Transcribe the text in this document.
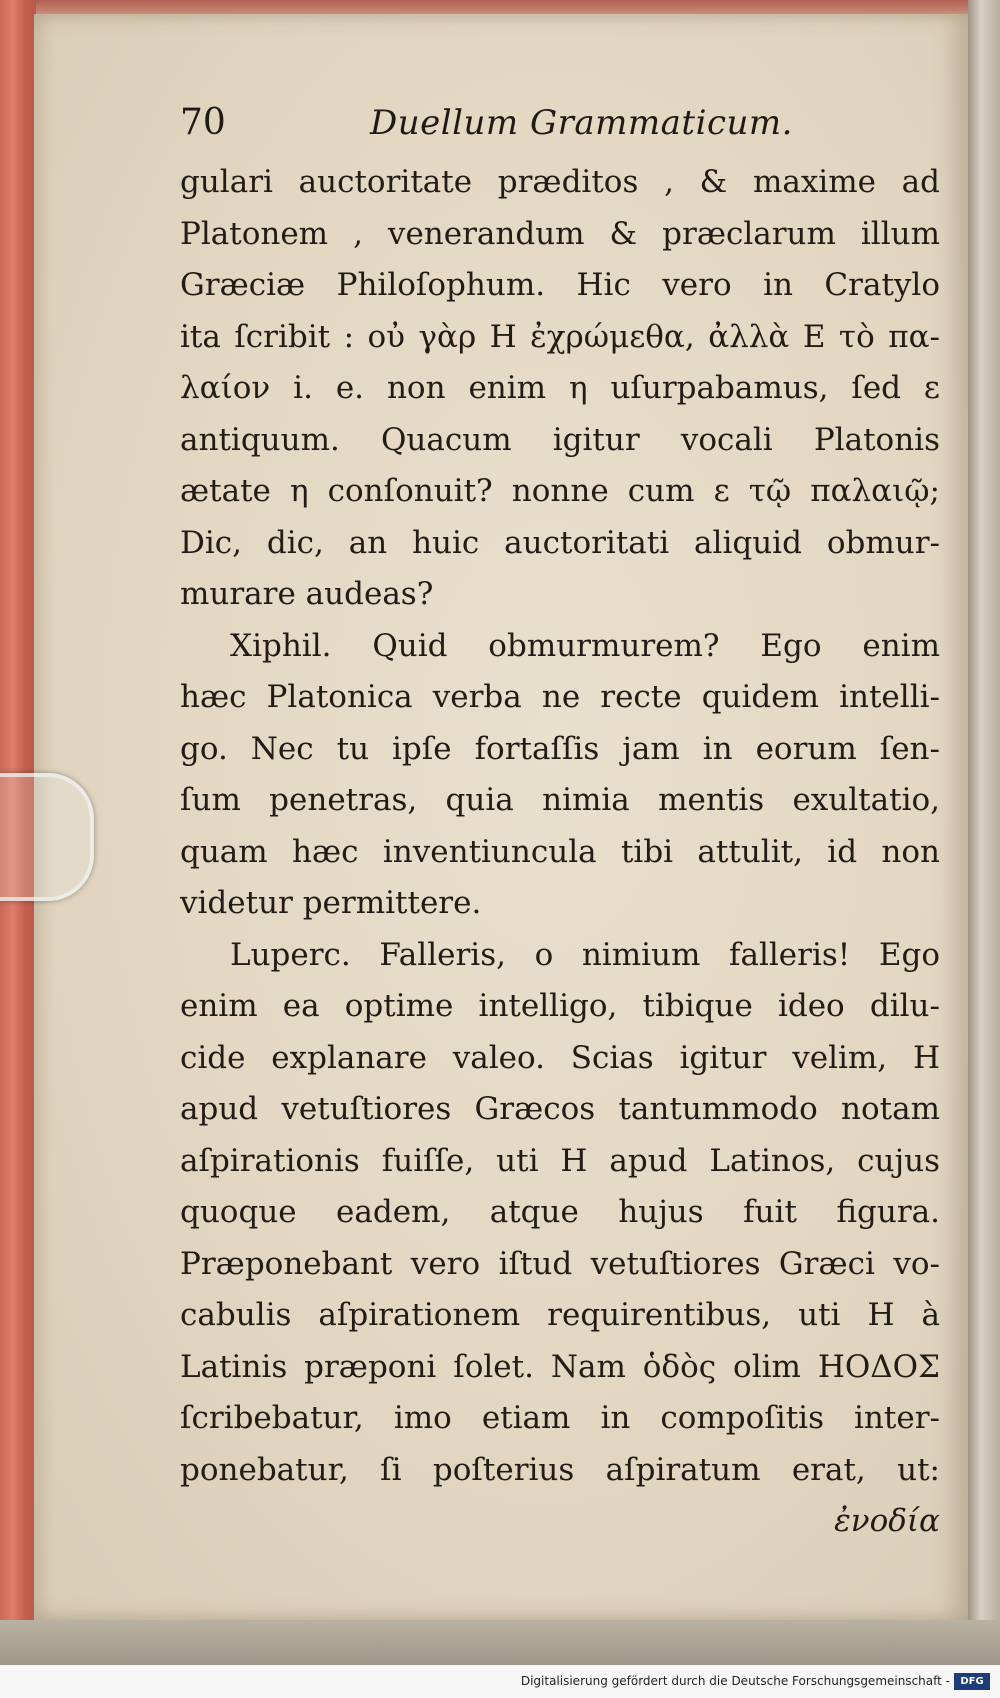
70	Duellum Grammaticum.
gulari auctoritate præditos , & maxime ad
Platonem , venerandum & præclarum illum
Græciæ Philoſophum. Hic vero in Cratylo
ita ſcribit : οὐ γὰρ Η ἐχρώμεθα, ἀλλὰ Ε τὸ πα-
λαίον i. e. non enim η uſurpabamus, ſed ε
antiquum. Quacum igitur vocali Platonis
ætate η conſonuit? nonne cum ε τῷ παλαιῷ;
Dic, dic, an huic auctoritati aliquid obmur-
murare audeas?
Xiphil. Quid obmurmurem? Ego enim
hæc Platonica verba ne recte quidem intelli-
go. Nec tu ipſe fortaſſis jam in eorum ſen-
ſum penetras, quia nimia mentis exultatio,
quam hæc inventiuncula tibi attulit, id non
videtur permittere.
Luperc. Falleris, o nimium falleris! Ego
enim ea optime intelligo, tibique ideo dilu-
cide explanare valeo. Scias igitur velim, Η
apud vetuſtiores Græcos tantummodo notam
aſpirationis fuiſſe, uti H apud Latinos, cujus
quoque eadem, atque hujus fuit figura.
Præponebant vero iſtud vetuſtiores Græci vo-
cabulis aſpirationem requirentibus, uti H à
Latinis præponi ſolet. Nam ὁδὸς olim ΗΟΔΟΣ
ſcribebatur, imo etiam in compoſitis inter-
ponebatur, ſi poſterius aſpiratum erat, ut:
ἐνοδία
Digitalisierung gefördert durch die Deutsche Forschungsgemeinschaft -	DFG
